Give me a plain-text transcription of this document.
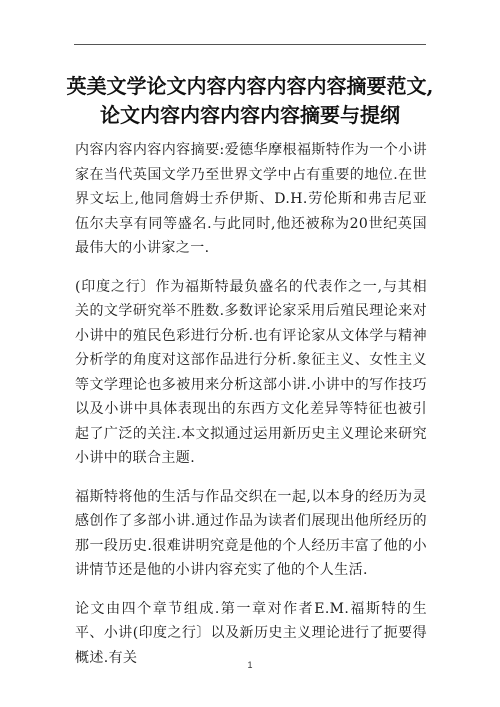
英美文学论文内容内容内容内容摘要范文,
论文内容内容内容内容摘要与提纲

内容内容内容内容摘要:爱德华摩根福斯特作为一个小讲家在当代英国文学乃至世界文学中占有重要的地位.在世界文坛上,他同詹姆士乔伊斯、D.H.劳伦斯和弗吉尼亚伍尔夫享有同等盛名.与此同时,他还被称为20世纪英国最伟大的小讲家之一.

(印度之行〕作为福斯特最负盛名的代表作之一,与其相关的文学研究举不胜数.多数评论家采用后殖民理论来对小讲中的殖民色彩进行分析.也有评论家从文体学与精神分析学的角度对这部作品进行分析.象征主义、女性主义等文学理论也多被用来分析这部小讲.小讲中的写作技巧以及小讲中具体表现出的东西方文化差异等特征也被引起了广泛的关注.本文拟通过运用新历史主义理论来研究小讲中的联合主题.

福斯特将他的生活与作品交织在一起,以本身的经历为灵感创作了多部小讲.通过作品为读者们展现出他所经历的那一段历史.很难讲明究竟是他的个人经历丰富了他的小讲情节还是他的小讲内容充实了他的个人生活.

论文由四个章节组成.第一章对作者E.M.福斯特的生平、小讲(印度之行〕以及新历史主义理论进行了扼要得概述.有关	1
